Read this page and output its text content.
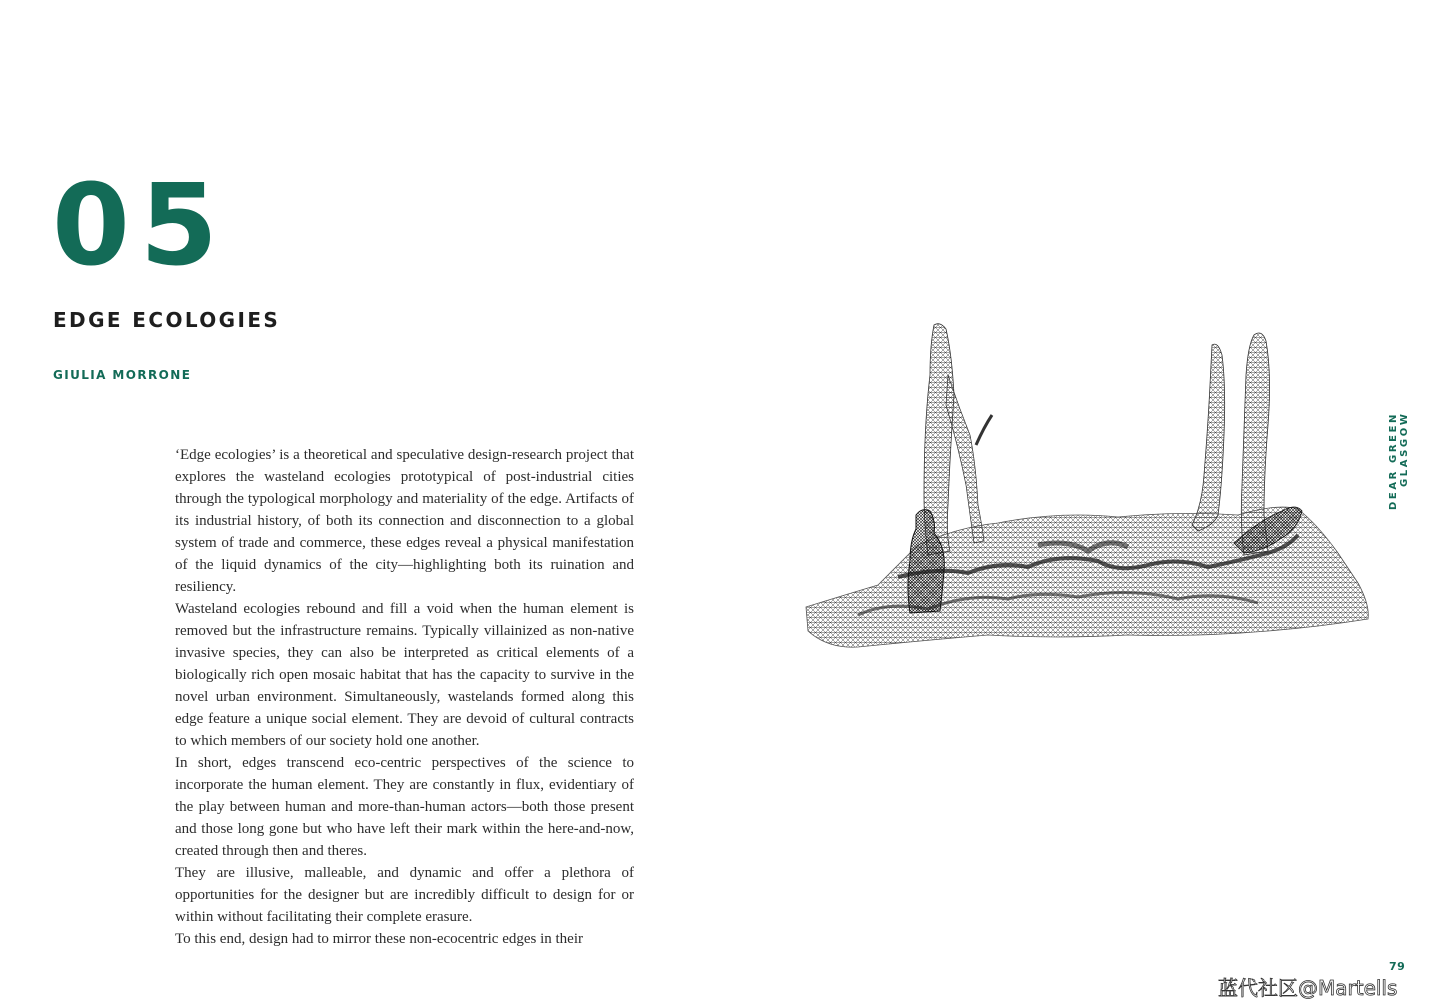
05
EDGE ECOLOGIES
GIULIA MORRONE

‘Edge ecologies’ is a theoretical and speculative design-research project that explores the wasteland ecologies prototypical of post-industrial cities through the typological morphology and materiality of the edge. Artifacts of its industrial history, of both its connection and disconnection to a global system of trade and commerce, these edges reveal a physical manifestation of the liquid dynamics of the city—highlighting both its ruination and resiliency.

Wasteland ecologies rebound and fill a void when the human element is removed but the infrastructure remains. Typically villainized as non-native invasive species, they can also be interpreted as critical elements of a biologically rich open mosaic habitat that has the capacity to survive in the novel urban environment. Simultaneously, wastelands formed along this edge feature a unique social element. They are devoid of cultural contracts to which members of our society hold one another.

In short, edges transcend eco-centric perspectives of the science to incorporate the human element. They are constantly in flux, evidentiary of the play between human and more-than-human actors—both those present and those long gone but who have left their mark within the here-and-now, created through then and theres.

They are illusive, malleable, and dynamic and offer a plethora of opportunities for the designer but are incredibly difficult to design for or within without facilitating their complete erasure.

To this end, design had to mirror these non-ecocentric edges in their

DEAR GREEN GLASGOW
79
蓝代社区@Martells
